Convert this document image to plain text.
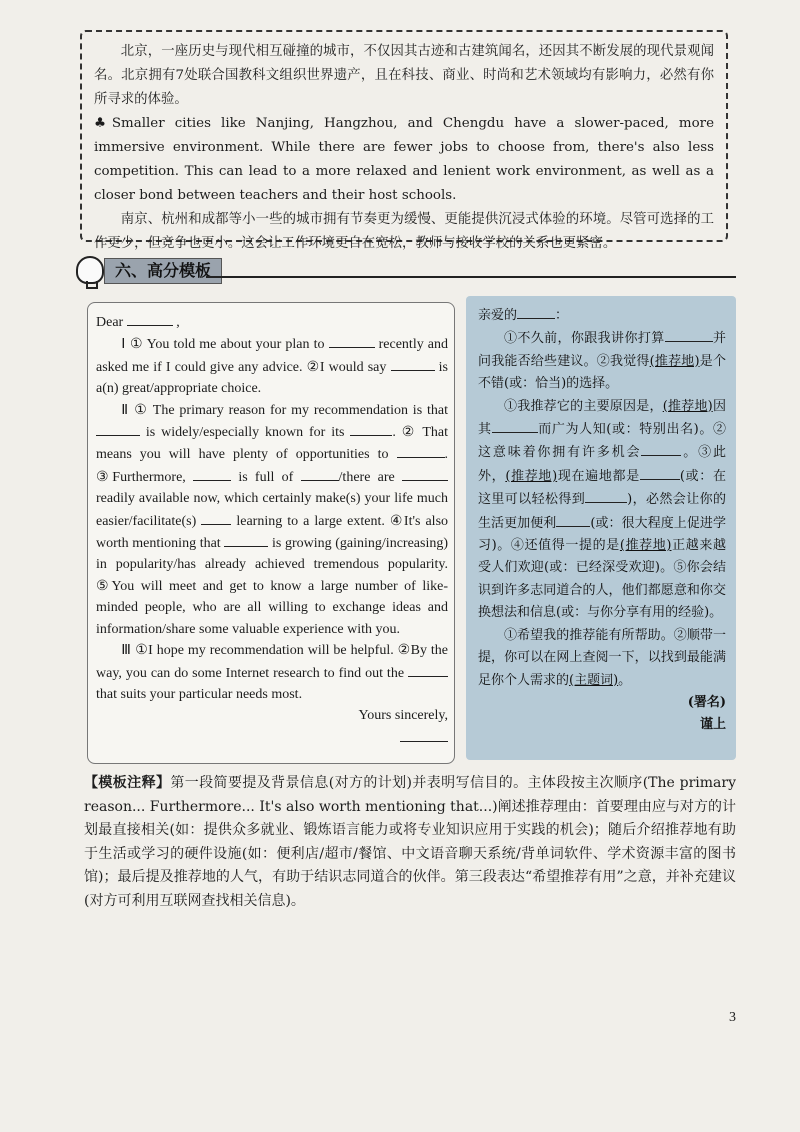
北京，一座历史与现代相互碰撞的城市，不仅因其古迹和古建筑闻名，还因其不断发展的现代景观闻名。北京拥有7处联合国教科文组织世界遗产，且在科技、商业、时尚和艺术领域均有影响力，必然有你所寻求的体验。

♣Smaller cities like Nanjing, Hangzhou, and Chengdu have a slower-paced, more immersive environment. While there are fewer jobs to choose from, there's also less competition. This can lead to a more relaxed and lenient work environment, as well as a closer bond between teachers and their host schools.

南京、杭州和成都等小一些的城市拥有节奏更为缓慢、更能提供沉浸式体验的环境。尽管可选择的工作更少，但竞争也更小。这会让工作环境更自在宽松，教师与接收学校的关系也更紧密。

六、高分模板

Dear	,

Ⅰ ① You told me about your plan to	recently and asked me if I could give any advice. ②I would say	is a(n) great/appropriate choice.

Ⅱ ① The primary reason for my recommendation is that  is widely/especially known for its	. ② That means you will have plenty of opportunities to	. ③Furthermore,	is full of	/there are  readily available now, which certainly make(s) your life much easier/facilitate(s)	learning to a large extent. ④It's also worth mentioning that	is growing (gaining/increasing) in popularity/has already achieved tremendous popularity. ⑤You will meet and get to know a large number of like-minded people, who are all willing to exchange ideas and information/share some valuable experience with you.

Ⅲ ①I hope my recommendation will be helpful. ②By the way, you can do some Internet research to find out the  that suits your particular needs most.

Yours sincerely,

亲爱的	：

①不久前，你跟我讲你打算	并问我能否给些建议。②我觉得(推荐地)是个不错(或：恰当)的选择。

①我推荐它的主要原因是，(推荐地)因其	而广为人知(或：特别出名)。②这意味着你拥有许多机会	。③此外，(推荐地)现在遍地都是	(或：在这里可以轻松得到	)，必然会让你的生活更加便利	(或：很大程度上促进学习)。④还值得一提的是(推荐地)正越来越受人们欢迎(或：已经深受欢迎)。⑤你会结识到许多志同道合的人，他们都愿意和你交换想法和信息(或：与你分享有用的经验)。

①希望我的推荐能有所帮助。②顺带一提，你可以在网上查阅一下，以找到最能满足你个人需求的(主题词)。

(署名)

谨上

【模板注释】第一段简要提及背景信息(对方的计划)并表明写信目的。主体段按主次顺序(The primary reason... Furthermore... It's also worth mentioning that...)阐述推荐理由：首要理由应与对方的计划最直接相关(如：提供众多就业、锻炼语言能力或将专业知识应用于实践的机会)；随后介绍推荐地有助于生活或学习的硬件设施(如：便利店/超市/餐馆、中文语音聊天系统/背单词软件、学术资源丰富的图书馆)；最后提及推荐地的人气，有助于结识志同道合的伙伴。第三段表达“希望推荐有用”之意，并补充建议(对方可利用互联网查找相关信息)。
3
